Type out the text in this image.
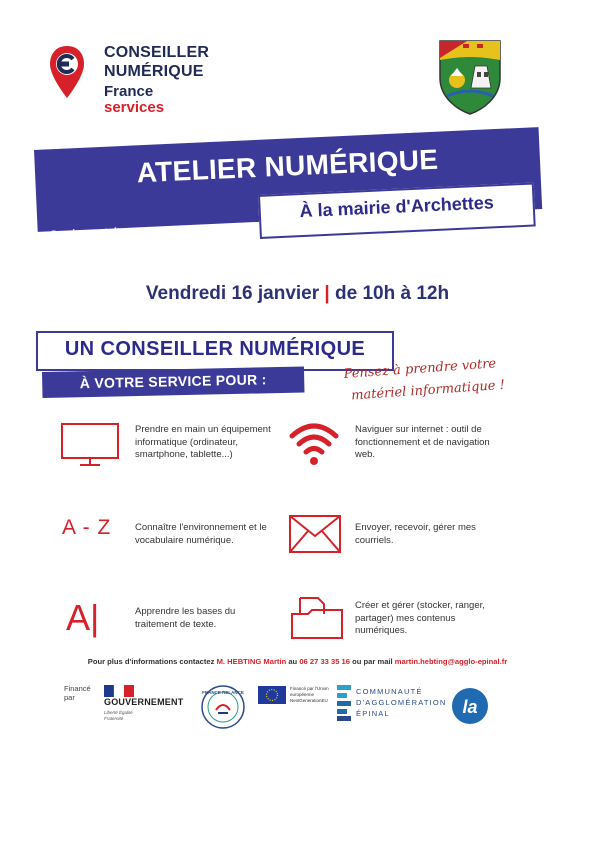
CONSEILLER
NUMÉRIQUE
France
services
ATELIER NUMÉRIQUE
Service gratuit
À la mairie d'Archettes
Vendredi 16 janvier | de 10h à 12h
UN CONSEILLER NUMÉRIQUE
À VOTRE SERVICE POUR :	Pensez à prendre votre
matériel informatique !
Prendre en main un équipement informatique (ordinateur, smartphone, tablette...)
Naviguer sur internet : outil de fonctionnement et de navigation web.
A - Z Connaître l'environnement et le vocabulaire numérique.
Envoyer, recevoir, gérer mes courriels.
A|	Apprendre les bases du traitement de texte.
Créer et gérer (stocker, ranger, partager) mes contenus numériques.
Pour plus d'informations contactez M. HEBTING Martin au 06 27 33 35 16 ou par mail martin.hebting@agglo-epinal.fr
Financé par	GOUVERNEMENT
Liberté Égalité Fraternité
FRANCE RELANCE
Financé par l'Union européenne NextGenerationEU
COMMUNAUTÉ
D'AGGLOMÉRATION
ÉPINAL	la
